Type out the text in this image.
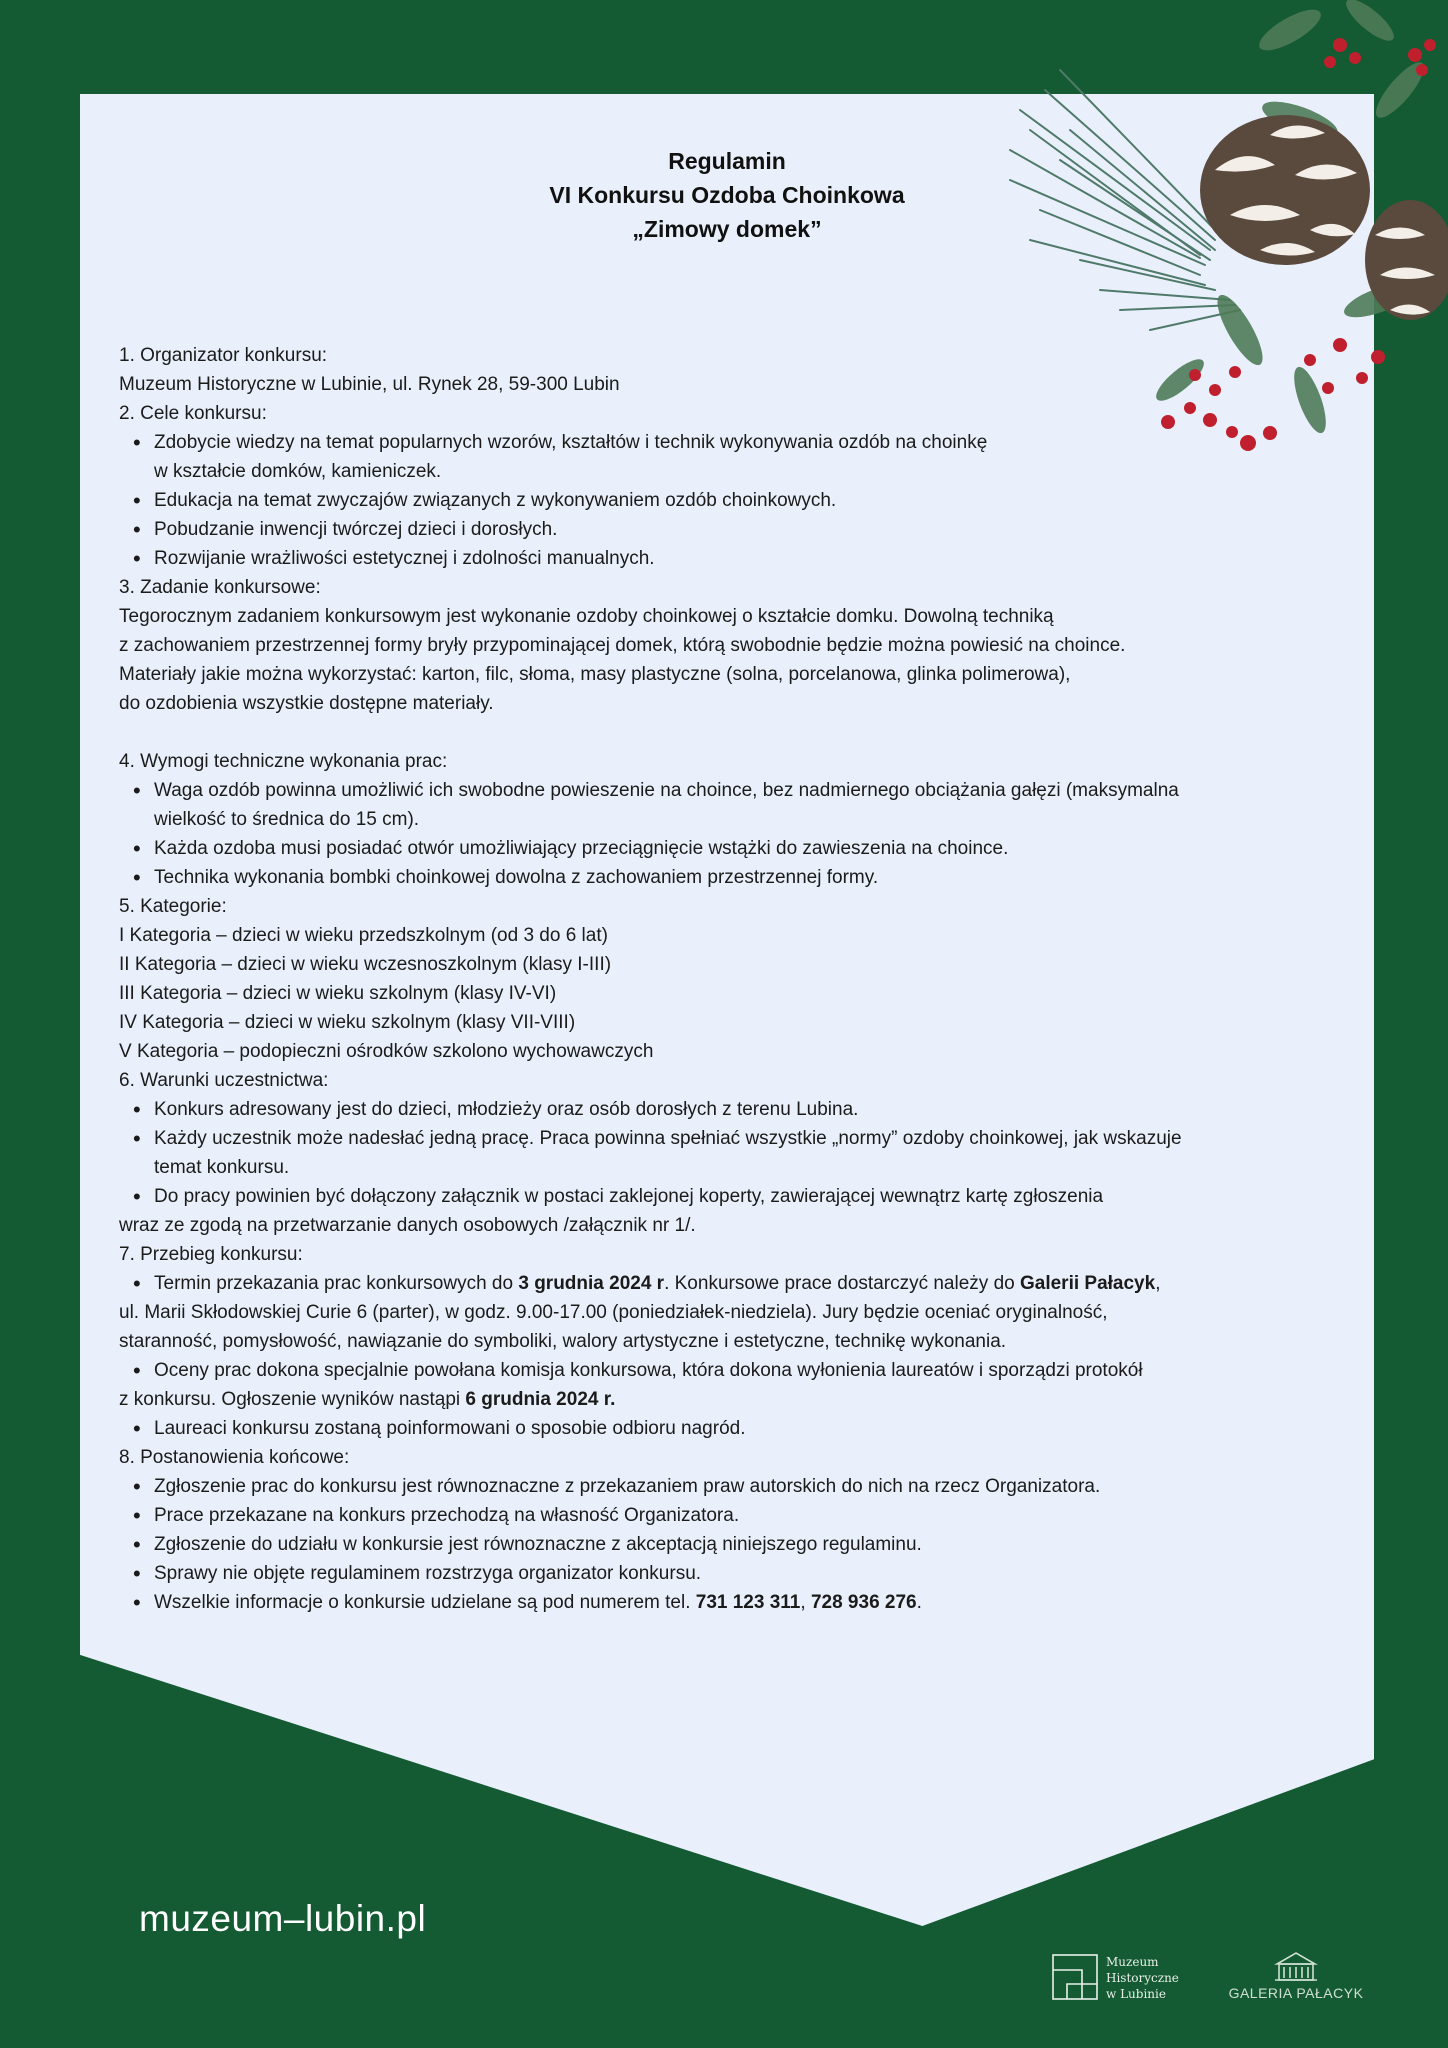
Regulamin
VI Konkursu Ozdoba Choinkowa
„Zimowy domek”

1. Organizator konkursu:

Muzeum Historyczne w Lubinie, ul. Rynek 28, 59-300 Lubin

2. Cele konkursu:

• Zdobycie wiedzy na temat popularnych wzorów, kształtów i technik wykonywania ozdób na choinkę
w kształcie domków, kamieniczek.
• Edukacja na temat zwyczajów związanych z wykonywaniem ozdób choinkowych.
• Pobudzanie inwencji twórczej dzieci i dorosłych.
• Rozwijanie wrażliwości estetycznej i zdolności manualnych.

3. Zadanie konkursowe:

Tegorocznym zadaniem konkursowym jest wykonanie ozdoby choinkowej o kształcie domku. Dowolną techniką

z zachowaniem przestrzennej formy bryły przypominającej domek, którą swobodnie będzie można powiesić na choince.

Materiały jakie można wykorzystać: karton, filc, słoma, masy plastyczne (solna, porcelanowa, glinka polimerowa),

do ozdobienia wszystkie dostępne materiały.

4. Wymogi techniczne wykonania prac:

• Waga ozdób powinna umożliwić ich swobodne powieszenie na choince, bez nadmiernego obciążania gałęzi (maksymalna
wielkość to średnica do 15 cm).
• Każda ozdoba musi posiadać otwór umożliwiający przeciągnięcie wstążki do zawieszenia na choince.
• Technika wykonania bombki choinkowej dowolna z zachowaniem przestrzennej formy.

5. Kategorie:

I Kategoria – dzieci w wieku przedszkolnym (od 3 do 6 lat)

II Kategoria – dzieci w wieku wczesnoszkolnym (klasy I-III)

III Kategoria – dzieci w wieku szkolnym (klasy IV-VI)

IV Kategoria – dzieci w wieku szkolnym (klasy VII-VIII)

V Kategoria – podopieczni ośrodków szkolono wychowawczych

6. Warunki uczestnictwa:

• Konkurs adresowany jest do dzieci, młodzieży oraz osób dorosłych z terenu Lubina.
• Każdy uczestnik może nadesłać jedną pracę. Praca powinna spełniać wszystkie „normy” ozdoby choinkowej, jak wskazuje
temat konkursu.
• Do pracy powinien być dołączony załącznik w postaci zaklejonej koperty, zawierającej wewnątrz kartę zgłoszenia

wraz ze zgodą na przetwarzanie danych osobowych /załącznik nr 1/.

7. Przebieg konkursu:

• Termin przekazania prac konkursowych do 3 grudnia 2024 r. Konkursowe prace dostarczyć należy do Galerii Pałacyk,

ul. Marii Skłodowskiej Curie 6 (parter), w godz. 9.00-17.00 (poniedziałek-niedziela). Jury będzie oceniać oryginalność,

staranność, pomysłowość, nawiązanie do symboliki, walory artystyczne i estetyczne, technikę wykonania.

• Oceny prac dokona specjalnie powołana komisja konkursowa, która dokona wyłonienia laureatów i sporządzi protokół

z konkursu. Ogłoszenie wyników nastąpi 6 grudnia 2024 r.

• Laureaci konkursu zostaną poinformowani o sposobie odbioru nagród.

8. Postanowienia końcowe:

• Zgłoszenie prac do konkursu jest równoznaczne z przekazaniem praw autorskich do nich na rzecz Organizatora.
• Prace przekazane na konkurs przechodzą na własność Organizatora.
• Zgłoszenie do udziału w konkursie jest równoznaczne z akceptacją niniejszego regulaminu.
• Sprawy nie objęte regulaminem rozstrzyga organizator konkursu.
• Wszelkie informacje o konkursie udzielane są pod numerem tel. 731 123 311, 728 936 276.
muzeum–lubin.pl
Muzeum
Historyczne
w Lubinie	GALERIA PAŁACYK
